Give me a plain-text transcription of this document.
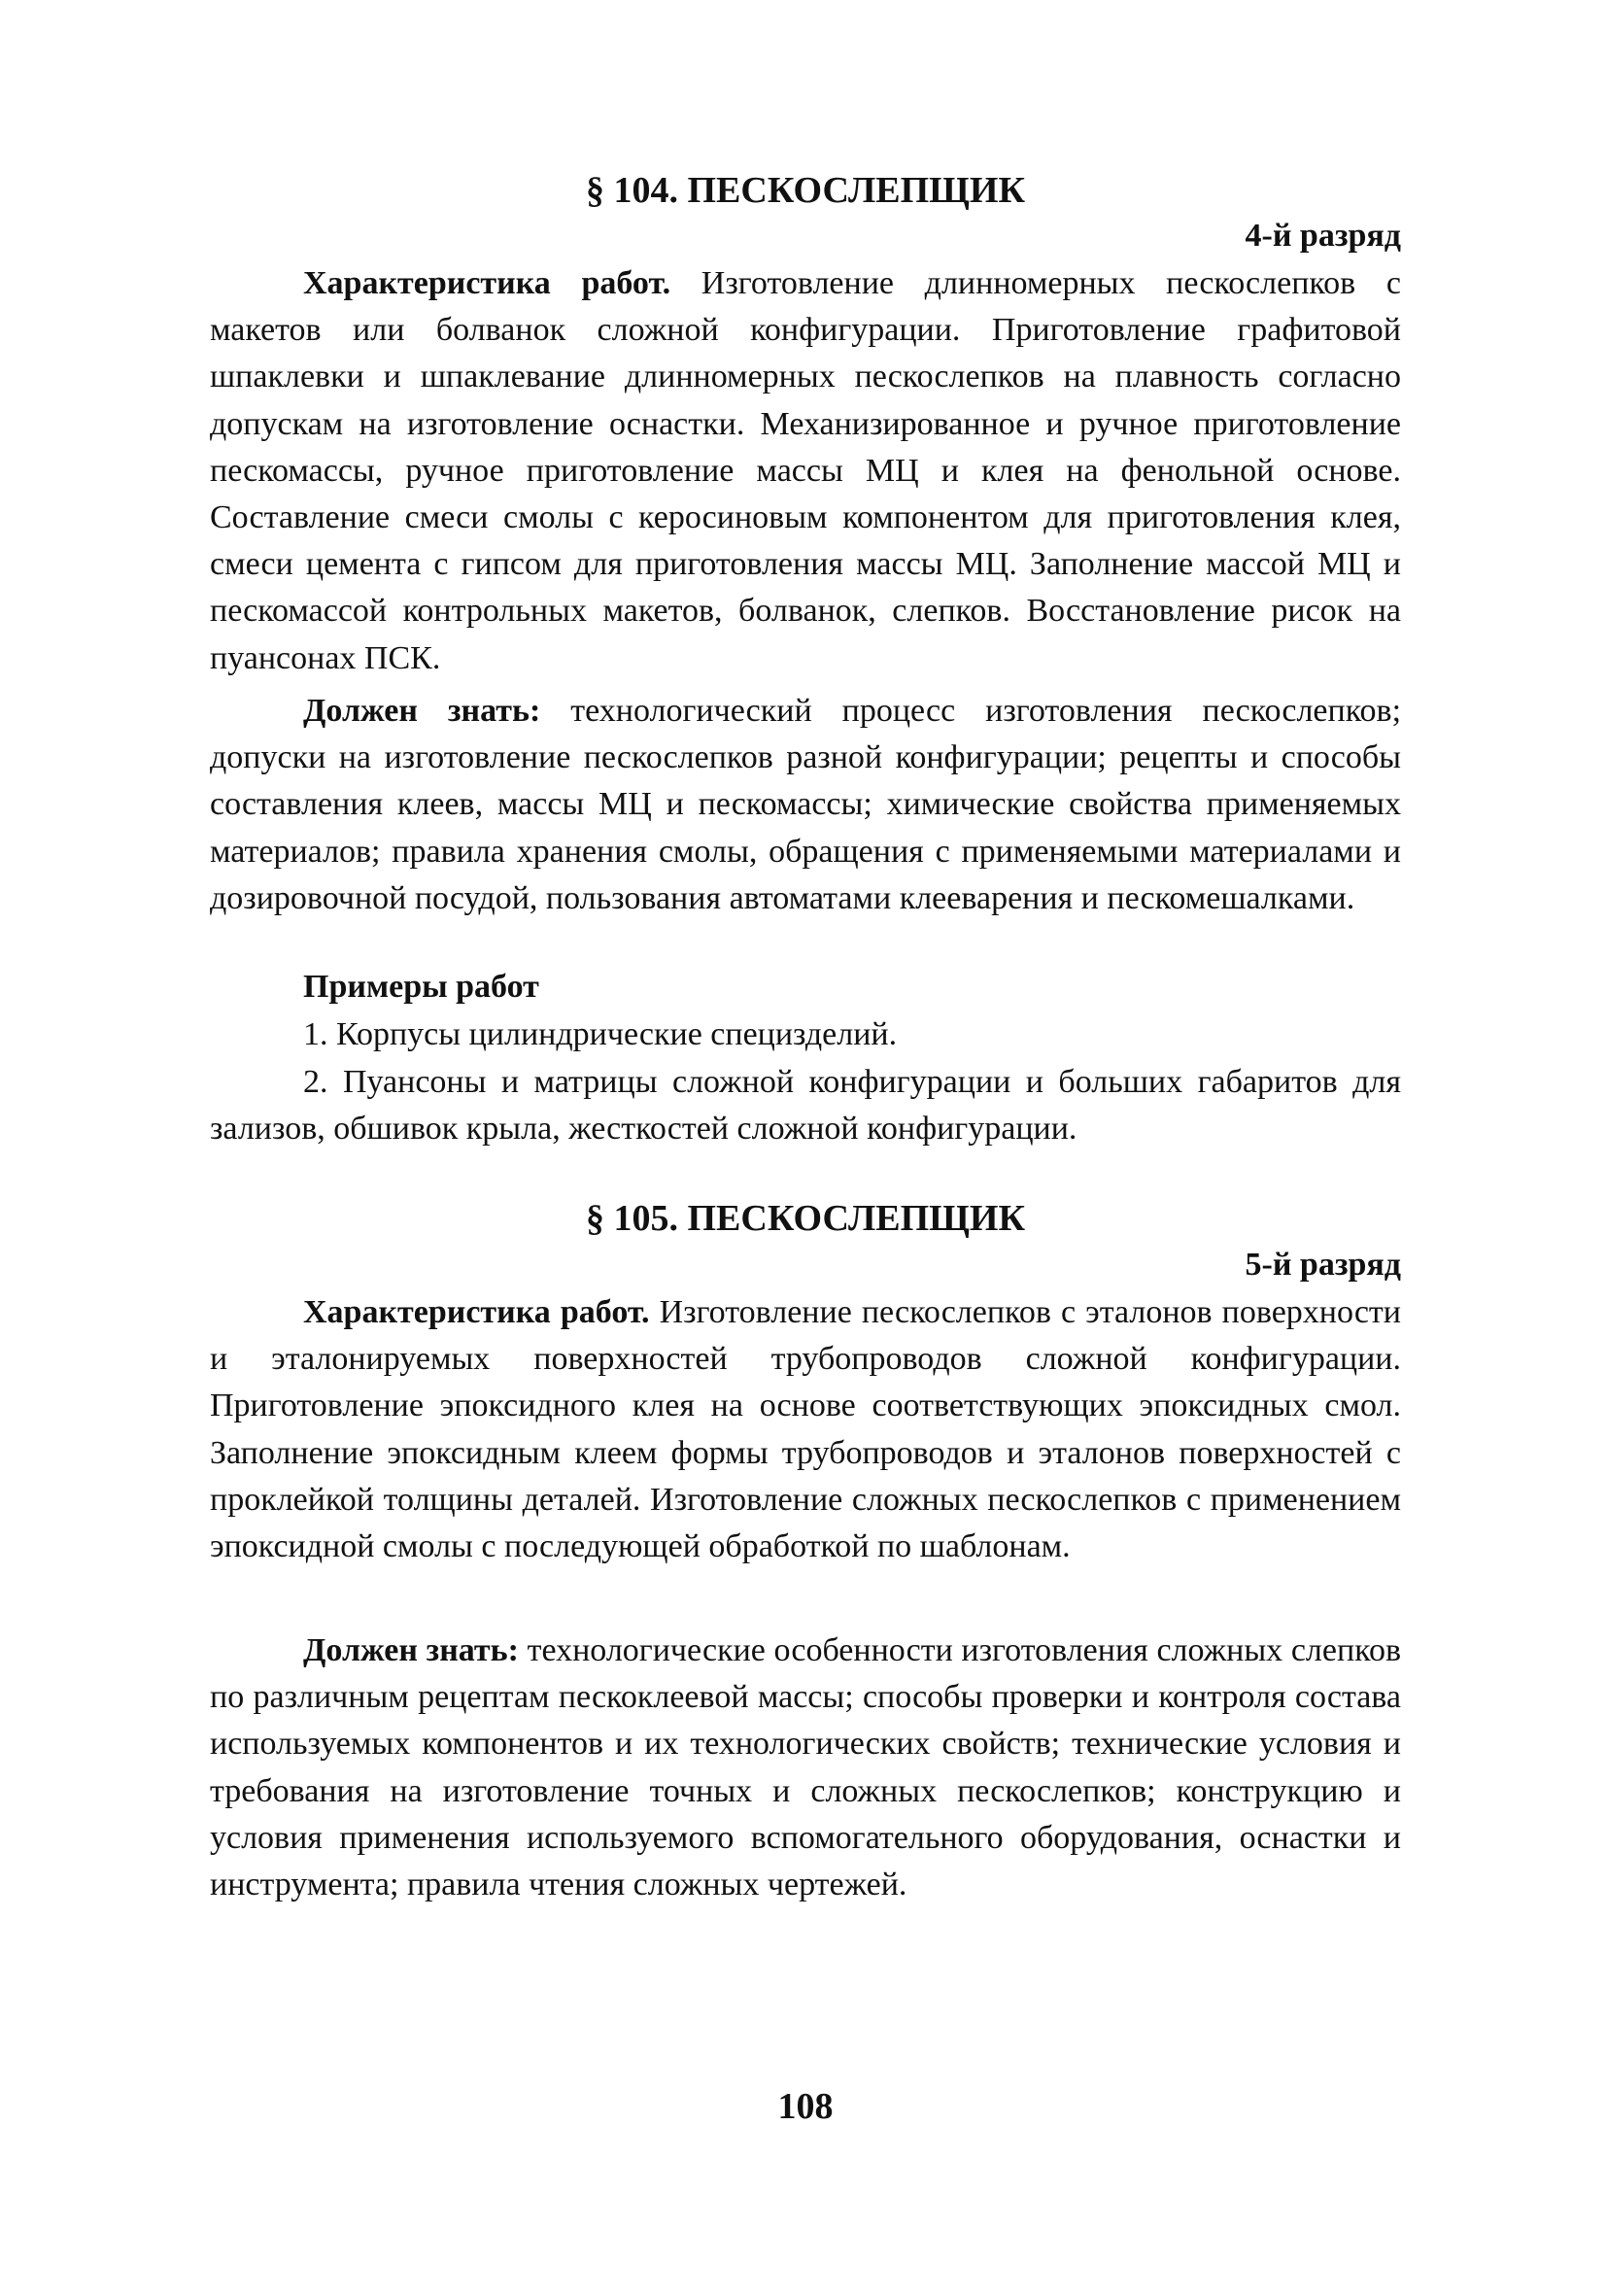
§ 104. ПЕСКОСЛЕПЩИК

4-й разряд

Характеристика работ. Изготовление длинномерных пескослепков с макетов или болванок сложной конфигурации. Приготовление графитовой шпаклевки и шпаклевание длинномерных пескослепков на плавность согласно допускам на изготовление оснастки. Механизированное и ручное приготовление пескомассы, ручное приготовление массы МЦ и клея на фенольной основе. Составление смеси смолы с керосиновым компонентом для приготовления клея, смеси цемента с гипсом для приготовления массы МЦ. Заполнение массой МЦ и пескомассой контрольных макетов, болванок, слепков. Восстановление рисок на пуансонах ПСК.

Должен знать: технологический процесс изготовления пескослепков; допуски на изготовление пескослепков разной конфигурации; рецепты и способы составления клеев, массы МЦ и пескомассы; химические свойства применяемых материалов; правила хранения смолы, обращения с применяемыми материалами и дозировочной посудой, пользования автоматами клееварения и пескомешалками.

Примеры работ

1. Корпусы цилиндрические специзделий.

2. Пуансоны и матрицы сложной конфигурации и больших габаритов для зализов, обшивок крыла, жесткостей сложной конфигурации.

§ 105. ПЕСКОСЛЕПЩИК

5-й разряд

Характеристика работ. Изготовление пескослепков с эталонов поверхности и эталонируемых поверхностей трубопроводов сложной конфигурации. Приготовление эпоксидного клея на основе соответствующих эпоксидных смол. Заполнение эпоксидным клеем формы трубопроводов и эталонов поверхностей с проклейкой толщины деталей. Изготовление сложных пескослепков с применением эпоксидной смолы с последующей обработкой по шаблонам.

Должен знать: технологические особенности изготовления сложных слепков по различным рецептам пескоклеевой массы; способы проверки и контроля состава используемых компонентов и их технологических свойств; технические условия и требования на изготовление точных и сложных пескослепков; конструкцию и условия применения используемого вспомогательного оборудования, оснастки и инструмента; правила чтения сложных чертежей.

108
